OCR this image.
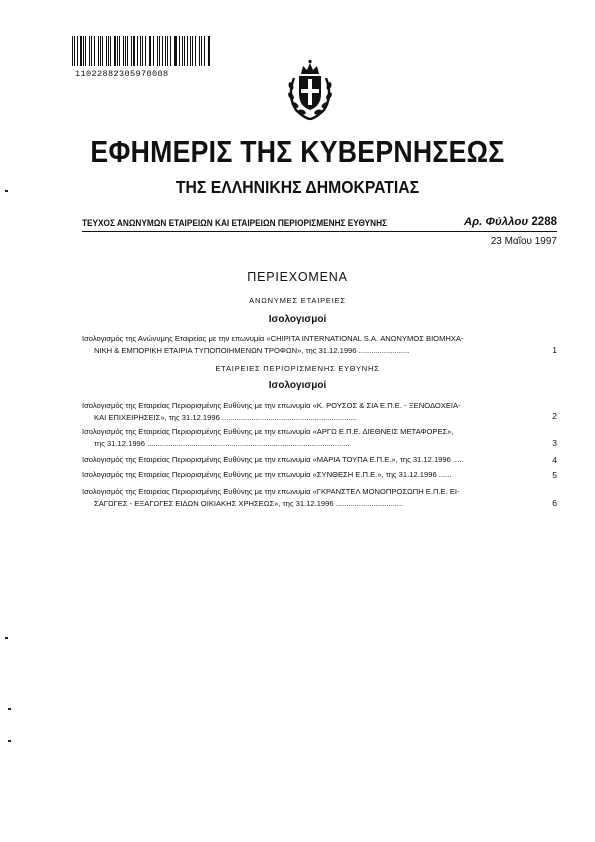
11022882305970008
ΕΦΗΜΕΡΙΣ ΤΗΣ ΚΥΒΕΡΝΗΣΕΩΣ
ΤΗΣ ΕΛΛΗΝΙΚΗΣ ΔΗΜΟΚΡΑΤΙΑΣ
ΤΕΥΧΟΣ ΑΝΩΝΥΜΩΝ ΕΤΑΙΡΕΙΩΝ ΚΑΙ ΕΤΑΙΡΕΙΩΝ ΠΕΡΙΟΡΙΣΜΕΝΗΣ ΕΥΘΥΝΗΣ	Αρ. Φύλλου 2288
23 Μαΐου 1997
ΠΕΡΙΕΧΟΜΕΝΑ
ΑΝΩΝΥΜΕΣ ΕΤΑΙΡΕΙΕΣ
Ισολογισμοί
Ισολογισμός της Ανώνυμης Εταιρείας με την επωνυμία «CHIPITA INTERNATIONAL S.A. ΑΝΩΝΥΜΟΣ ΒΙΟΜΗΧΑ-
ΝΙΚΗ & ΕΜΠΟΡΙΚΗ ΕΤΑΙΡΙΑ ΤΥΠΟΠΟΙΗΜΕΝΩΝ ΤΡΟΦΩΝ», της 31.12.1996 ........................	1
ΕΤΑΙΡΕΙΕΣ ΠΕΡΙΟΡΙΣΜΕΝΗΣ ΕΥΘΥΝΗΣ
Ισολογισμοί
Ισολογισμός της Εταιρείας Περιορισμένης Ευθύνης με την επωνυμία «Κ. ΡΟΥΣΟΣ & ΣΙΑ Ε.Π.Ε. - ΞΕΝΟΔΟΧΕΙΑ-
ΚΑΙ ΕΠΙΧΕΙΡΗΣΕΙΣ», της 31.12.1996 ................................................................	2
Ισολογισμός της Εταιρείας Περιορισμένης Ευθύνης με την επωνυμία «ΑΡΓΩ Ε.Π.Ε. ΔΙΕΘΝΕΙΣ ΜΕΤΑΦΟΡΕΣ»,
της 31.12.1996 ................................................................................................	3
Ισολογισμός της Εταιρείας Περιορισμένης Ευθύνης με την επωνυμία «ΜΑΡΙΑ ΤΟΥΠΑ Ε.Π.Ε.», της 31.12.1996 .....	4
Ισολογισμός της Εταιρείας Περιορισμένης Ευθύνης με την επωνυμία «ΣΥΝΘΕΣΗ Ε.Π.Ε.», της 31.12.1996 ......	5
Ισολογισμός της Εταιρείας Περιορισμένης Ευθύνης με την επωνυμία «ΓΚΡΑΝΣΤΕΛ ΜΟΝΟΠΡΟΣΩΠΗ Ε.Π.Ε. ΕΙ-
ΣΑΓΩΓΕΣ - ΕΞΑΓΩΓΕΣ ΕΙΔΩΝ ΟΙΚΙΑΚΗΣ ΧΡΗΣΕΩΣ», της 31.12.1996 ................................	6
